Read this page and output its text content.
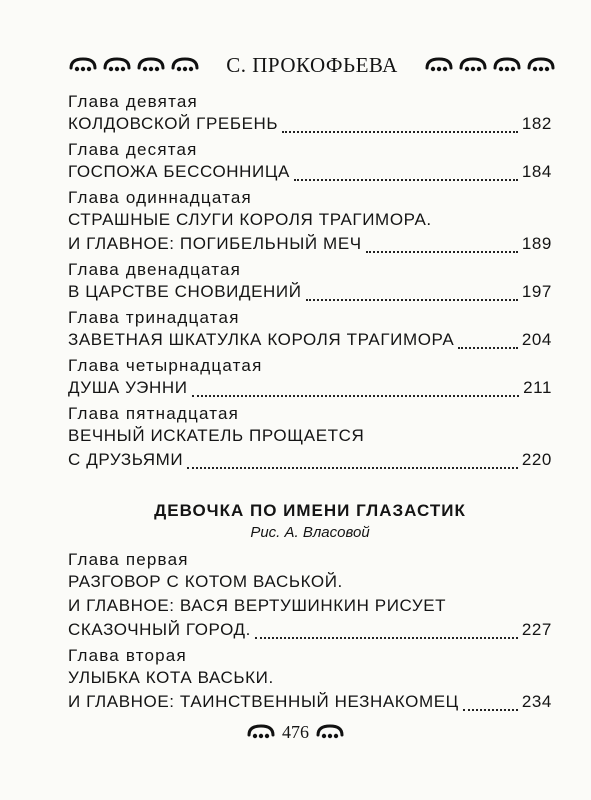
С. ПРОКОФЬЕВА
Глава девятая
КОЛДОВСКОЙ ГРЕБЕНЬ	182
Глава десятая
ГОСПОЖА БЕССОННИЦА	184
Глава одиннадцатая
СТРАШНЫЕ СЛУГИ КОРОЛЯ ТРАГИМОРА.
И ГЛАВНОЕ: ПОГИБЕЛЬНЫЙ МЕЧ	189
Глава двенадцатая
В ЦАРСТВЕ СНОВИДЕНИЙ	197
Глава тринадцатая
ЗАВЕТНАЯ ШКАТУЛКА КОРОЛЯ ТРАГИМОРА	204
Глава четырнадцатая
ДУША УЭННИ	211
Глава пятнадцатая
ВЕЧНЫЙ ИСКАТЕЛЬ ПРОЩАЕТСЯ
С ДРУЗЬЯМИ	220
ДЕВОЧКА ПО ИМЕНИ ГЛАЗАСТИК
Рис. А. Власовой
Глава первая
РАЗГОВОР С КОТОМ ВАСЬКОЙ.
И ГЛАВНОЕ: ВАСЯ ВЕРТУШИНКИН РИСУЕТ
СКАЗОЧНЫЙ ГОРОД.	227
Глава вторая
УЛЫБКА КОТА ВАСЬКИ.
И ГЛАВНОЕ: ТАИНСТВЕННЫЙ НЕЗНАКОМЕЦ	234
476
